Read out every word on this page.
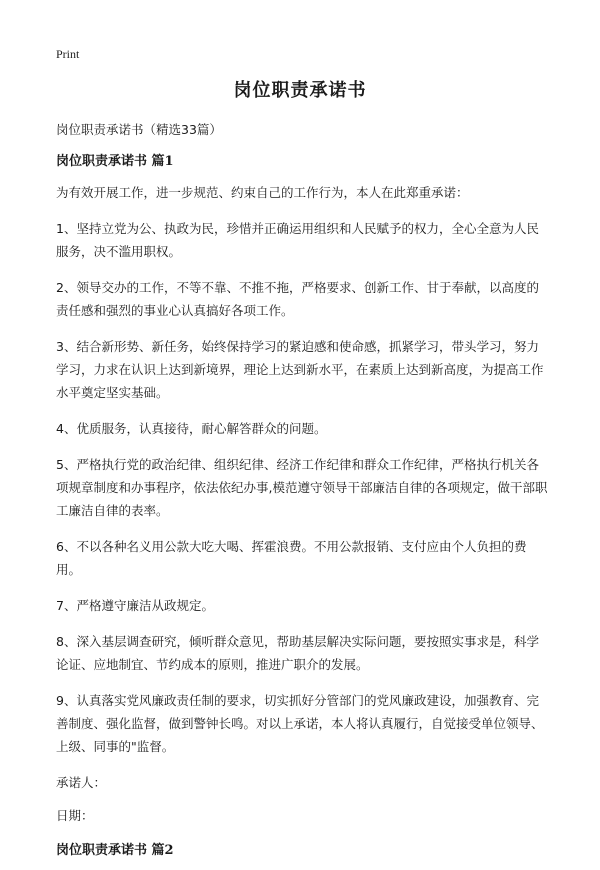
Print
岗位职责承诺书

岗位职责承诺书（精选33篇）

岗位职责承诺书 篇1

为有效开展工作，进一步规范、约束自己的工作行为，本人在此郑重承诺：

1、坚持立党为公、执政为民，珍惜并正确运用组织和人民赋予的权力，全心全意为人民服务，决不滥用职权。

2、领导交办的工作，不等不靠、不推不拖，严格要求、创新工作、甘于奉献，以高度的责任感和强烈的事业心认真搞好各项工作。

3、结合新形势、新任务，始终保持学习的紧迫感和使命感，抓紧学习，带头学习，努力学习，力求在认识上达到新境界，理论上达到新水平，在素质上达到新高度，为提高工作水平奠定坚实基础。

4、优质服务，认真接待，耐心解答群众的问题。

5、严格执行党的政治纪律、组织纪律、经济工作纪律和群众工作纪律，严格执行机关各项规章制度和办事程序，依法依纪办事,模范遵守领导干部廉洁自律的各项规定，做干部职工廉洁自律的表率。

6、不以各种名义用公款大吃大喝、挥霍浪费。不用公款报销、支付应由个人负担的费用。

7、严格遵守廉洁从政规定。

8、深入基层调查研究，倾听群众意见，帮助基层解决实际问题，要按照实事求是，科学论证、应地制宜、节约成本的原则，推进广职介的发展。

9、认真落实党风廉政责任制的要求，切实抓好分管部门的党风廉政建设，加强教育、完善制度、强化监督，做到警钟长鸣。对以上承诺，本人将认真履行，自觉接受单位领导、上级、同事的"监督。

承诺人：

日期：

岗位职责承诺书 篇2
